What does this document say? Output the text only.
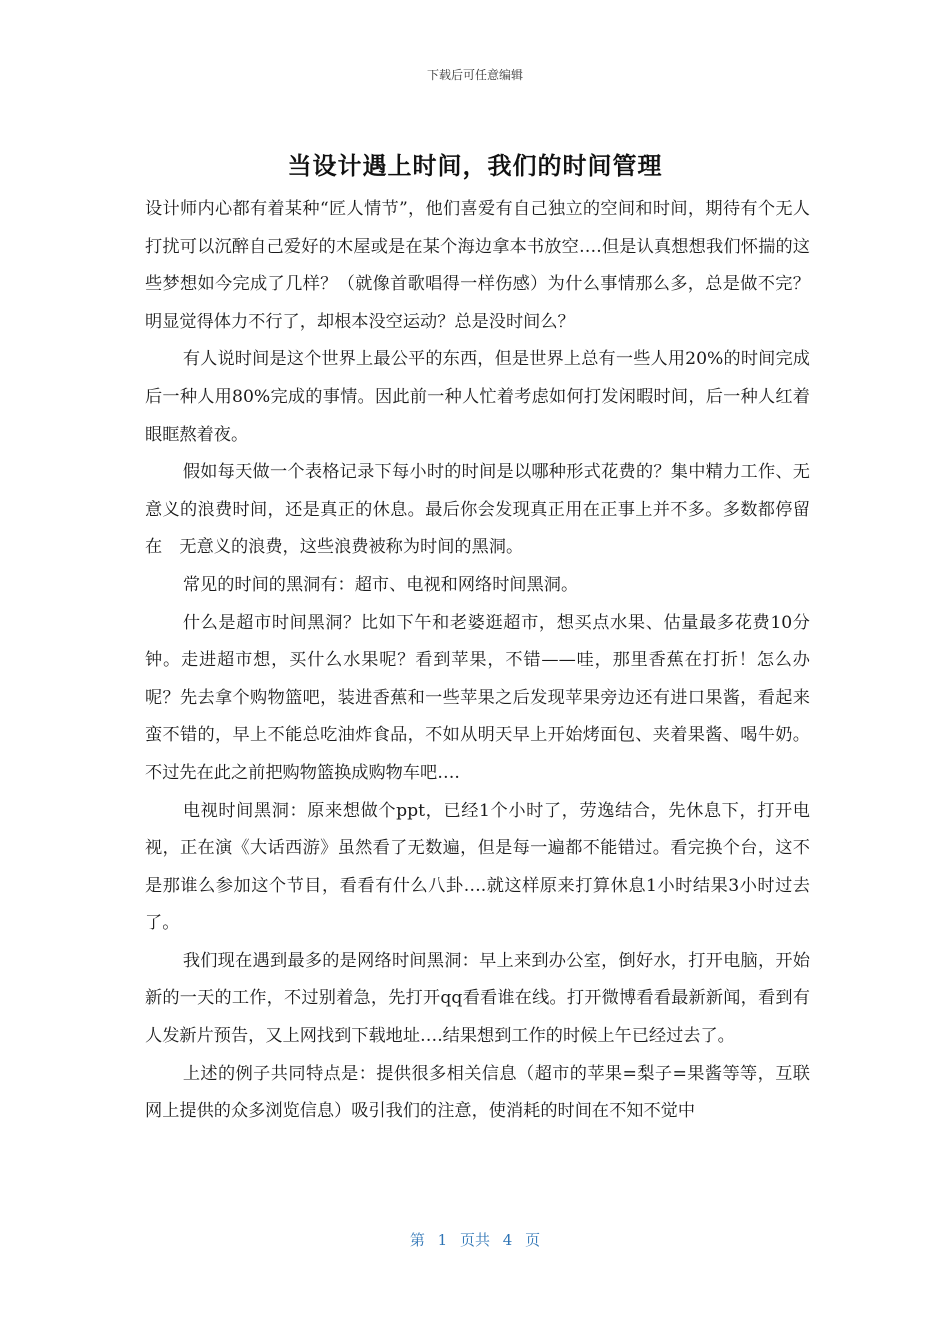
下载后可任意编辑
当设计遇上时间，我们的时间管理

设计师内心都有着某种“匠人情节”，他们喜爱有自己独立的空间和时间，期待有个无人打扰可以沉醉自己爱好的木屋或是在某个海边拿本书放空….但是认真想想我们怀揣的这些梦想如今完成了几样？（就像首歌唱得一样伤感）为什么事情那么多，总是做不完？明显觉得体力不行了，却根本没空运动？总是没时间么？

有人说时间是这个世界上最公平的东西，但是世界上总有一些人用20%的时间完成后一种人用80%完成的事情。因此前一种人忙着考虑如何打发闲暇时间，后一种人红着眼眶熬着夜。

假如每天做一个表格记录下每小时的时间是以哪种形式花费的？集中精力工作、无意义的浪费时间，还是真正的休息。最后你会发现真正用在正事上并不多。多数都停留在　无意义的浪费，这些浪费被称为时间的黑洞。

常见的时间的黑洞有：超市、电视和网络时间黑洞。

什么是超市时间黑洞？比如下午和老婆逛超市，想买点水果、估量最多花费10分钟。走进超市想，买什么水果呢？看到苹果，不错——哇，那里香蕉在打折！怎么办呢？先去拿个购物篮吧，装进香蕉和一些苹果之后发现苹果旁边还有进口果酱，看起来蛮不错的，早上不能总吃油炸食品，不如从明天早上开始烤面包、夹着果酱、喝牛奶。不过先在此之前把购物篮换成购物车吧….

电视时间黑洞：原来想做个ppt，已经1个小时了，劳逸结合，先休息下，打开电视，正在演《大话西游》虽然看了无数遍，但是每一遍都不能错过。看完换个台，这不是那谁么参加这个节目，看看有什么八卦….就这样原来打算休息1小时结果3小时过去了。

我们现在遇到最多的是网络时间黑洞：早上来到办公室，倒好水，打开电脑，开始新的一天的工作，不过别着急，先打开qq看看谁在线。打开微博看看最新新闻，看到有人发新片预告，又上网找到下载地址….结果想到工作的时候上午已经过去了。

上述的例子共同特点是：提供很多相关信息（超市的苹果=梨子=果酱等等，互联网上提供的众多浏览信息）吸引我们的注意，使消耗的时间在不知不觉中

第 1 页共 4 页
